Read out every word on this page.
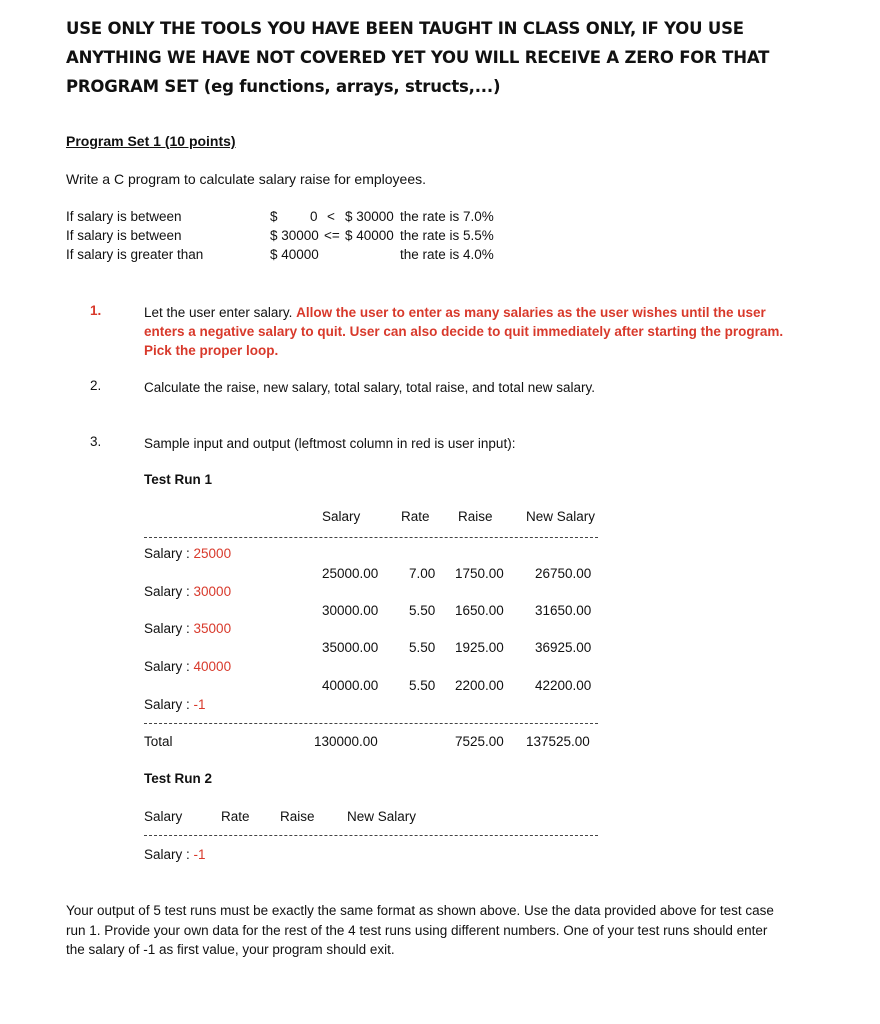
USE ONLY THE TOOLS YOU HAVE BEEN TAUGHT IN CLASS ONLY, IF YOU USE
ANYTHING WE HAVE NOT COVERED YET YOU WILL RECEIVE A ZERO FOR THAT
PROGRAM SET (eg functions, arrays, structs,...)
Program Set 1 (10 points)
Write a C program to calculate salary raise for employees.
If salary is between	$ 0 < $ 30000 the rate is 7.0%
If salary is between	$ 30000 <= $ 40000 the rate is 5.5%
If salary is greater than	$ 40000	the rate is 4.0%
1.	Let the user enter salary. Allow the user to enter as many salaries as the user wishes until the user enters a negative salary to quit. User can also decide to quit immediately after starting the program. Pick the proper loop.
2.	Calculate the raise, new salary, total salary, total raise, and total new salary.
3.	Sample input and output (leftmost column in red is user input):
Test Run 1
Salary	Rate Raise New Salary
Salary : 25000
25000.00 7.00 1750.00 26750.00
Salary : 30000
30000.00 5.50 1650.00 31650.00
Salary : 35000
35000.00 5.50 1925.00 36925.00
Salary : 40000
40000.00 5.50 2200.00 42200.00
Salary : -1
Total	130000.00	7525.00 137525.00
Test Run 2
Salary	Rate Raise New Salary
Salary : -1
Your output of 5 test runs must be exactly the same format as shown above. Use the data provided above for test case run 1. Provide your own data for the rest of the 4 test runs using different numbers. One of your test runs should enter the salary of -1 as first value, your program should exit.
